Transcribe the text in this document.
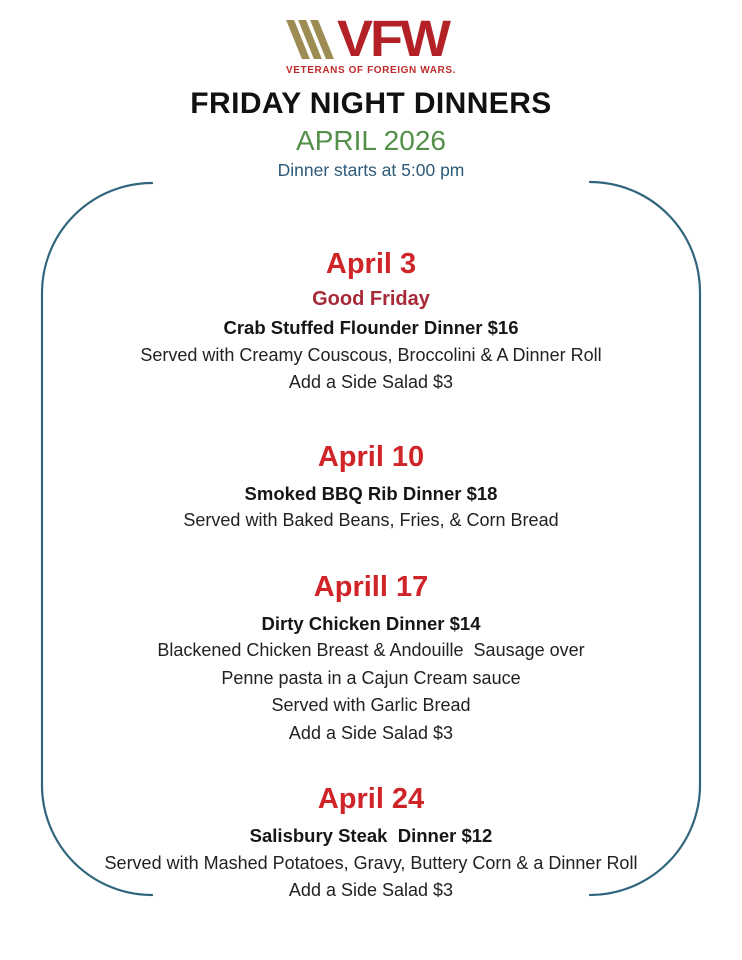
VFW
VETERANS OF FOREIGN WARS.
FRIDAY NIGHT DINNERS
APRIL 2026
Dinner starts at 5:00 pm
April 3
Good Friday
Crab Stuffed Flounder Dinner $16
Served with Creamy Couscous, Broccolini & A Dinner Roll
Add a Side Salad $3
April 10
Smoked BBQ Rib Dinner $18
Served with Baked Beans, Fries, & Corn Bread
Aprill 17
Dirty Chicken Dinner $14
Blackened Chicken Breast & Andouille  Sausage over
Penne pasta in a Cajun Cream sauce
Served with Garlic Bread
Add a Side Salad $3
April 24
Salisbury Steak  Dinner $12
Served with Mashed Potatoes, Gravy, Buttery Corn & a Dinner Roll
Add a Side Salad $3
